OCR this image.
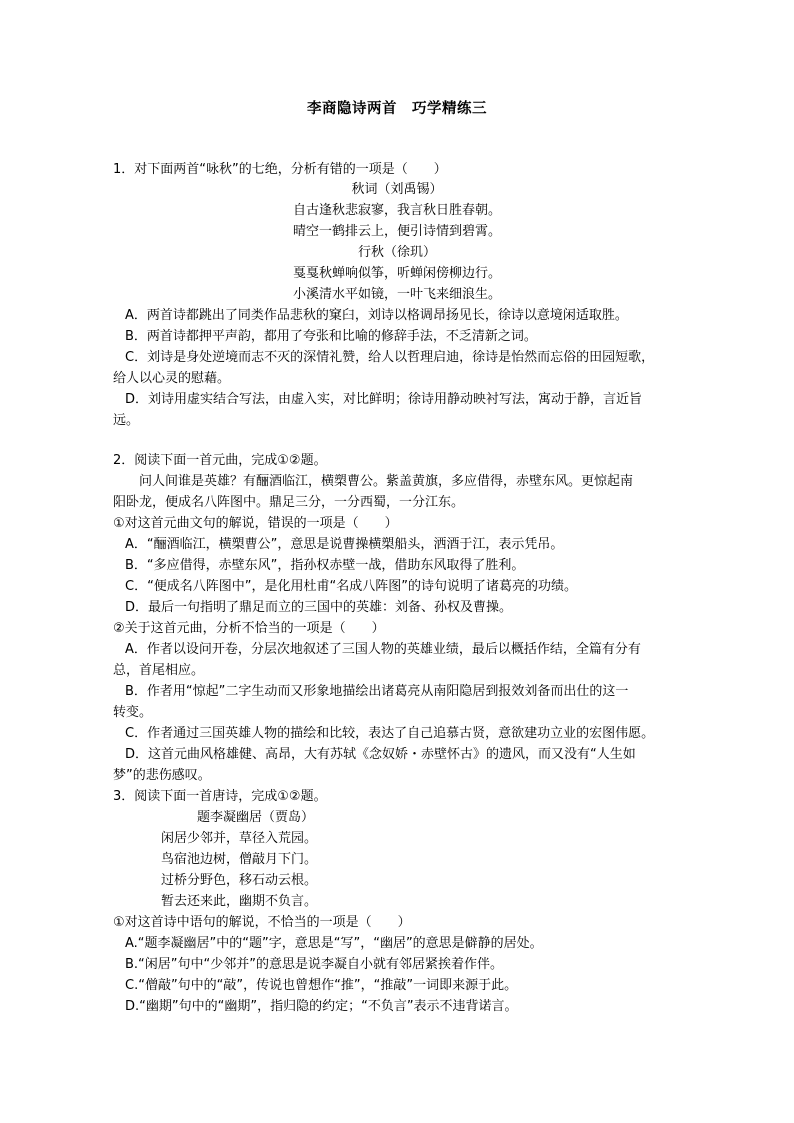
李商隐诗两首　巧学精练三
1．对下面两首“咏秋”的七绝，分析有错的一项是（　　）
秋词（刘禹锡）
自古逢秋悲寂寥，我言秋日胜春朝。
晴空一鹤排云上，便引诗情到碧霄。
行秋（徐玑）
戛戛秋蝉响似筝，听蝉闲傍柳边行。
小溪清水平如镜，一叶飞来细浪生。
A．两首诗都跳出了同类作品悲秋的窠臼，刘诗以格调昂扬见长，徐诗以意境闲适取胜。
B．两首诗都押平声韵，都用了夸张和比喻的修辞手法，不乏清新之词。
C．刘诗是身处逆境而志不灭的深情礼赞，给人以哲理启迪，徐诗是怡然而忘俗的田园短歌，
给人以心灵的慰藉。
D．刘诗用虚实结合写法，由虚入实，对比鲜明；徐诗用静动映衬写法，寓动于静，言近旨
远。
2．阅读下面一首元曲，完成①②题。
　　问人间谁是英雄？有酾酒临江，横槊曹公。紫盖黄旗，多应借得，赤壁东风。更惊起南
阳卧龙，便成名八阵图中。鼎足三分，一分西蜀，一分江东。
①对这首元曲文句的解说，错误的一项是（　　）
A．“酾酒临江，横槊曹公”，意思是说曹操横槊船头，洒酒于江，表示凭吊。
B．“多应借得，赤壁东风”，指孙权赤壁一战，借助东风取得了胜利。
C．“便成名八阵图中”，是化用杜甫“名成八阵图”的诗句说明了诸葛亮的功绩。
D．最后一句指明了鼎足而立的三国中的英雄：刘备、孙权及曹操。
②关于这首元曲，分析不恰当的一项是（　　）
A．作者以设问开卷，分层次地叙述了三国人物的英雄业绩，最后以概括作结，全篇有分有
总，首尾相应。
B．作者用“惊起”二字生动而又形象地描绘出诸葛亮从南阳隐居到报效刘备而出仕的这一
转变。
C．作者通过三国英雄人物的描绘和比较，表达了自己追慕古贤，意欲建功立业的宏图伟愿。
D．这首元曲风格雄健、高昂，大有苏轼《念奴娇・赤壁怀古》的遗风，而又没有“人生如
梦”的悲伤感叹。
3．阅读下面一首唐诗，完成①②题。
题李凝幽居（贾岛）
闲居少邻并，草径入荒园。
鸟宿池边树，僧敲月下门。
过桥分野色，移石动云根。
暂去还来此，幽期不负言。
①对这首诗中语句的解说，不恰当的一项是（　　）
A.“题李凝幽居”中的“题”字，意思是“写”，“幽居”的意思是僻静的居处。
B.“闲居”句中“少邻并”的意思是说李凝自小就有邻居紧挨着作伴。
C.“僧敲”句中的“敲”，传说也曾想作“推”，“推敲”一词即来源于此。
D.“幽期”句中的“幽期”，指归隐的约定；“不负言”表示不违背诺言。
